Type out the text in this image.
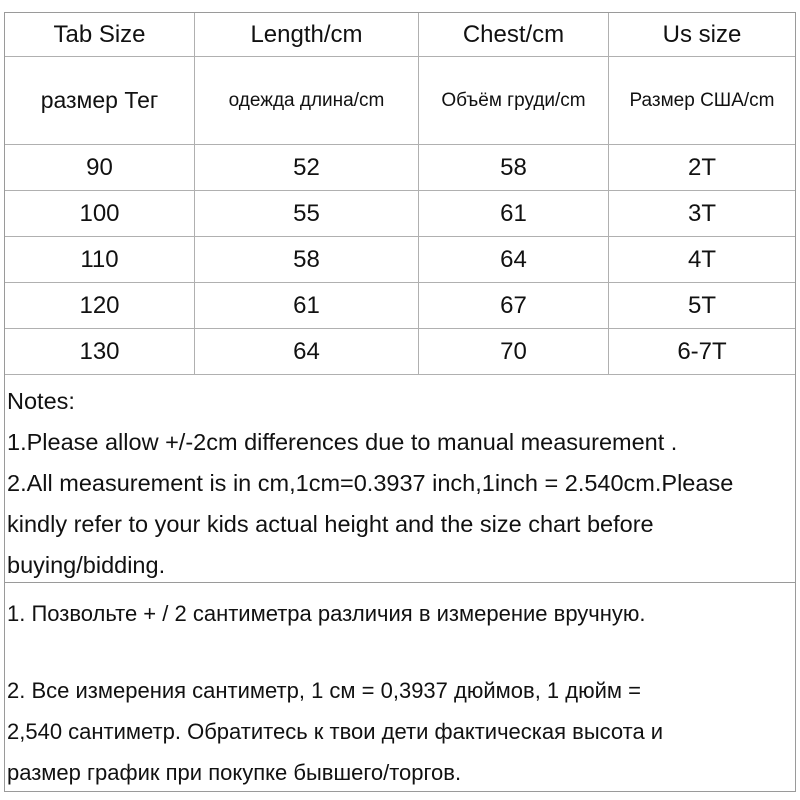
Tab Size	Length/cm	Chest/cm	Us size
размер Тег	одежда длина/cm	Объём груди/cm	Размер США/cm
90	52	58	2T
100	55	61	3T
110	58	64	4T
120	61	67	5T
130	64	70	6-7T
Notes:
1.Please allow +/-2cm differences due to manual measurement .
2.All measurement is in cm,1cm=0.3937 inch,1inch = 2.540cm.Please
kindly refer to your kids actual height and the size chart before
buying/bidding.
1. Позвольте + / 2 сантиметра различия в измерение вручную.
2. Все измерения сантиметр, 1 см = 0,3937 дюймов, 1 дюйм =
2,540 сантиметр. Обратитесь к твои дети фактическая высота и
размер график при покупке бывшего/торгов.
